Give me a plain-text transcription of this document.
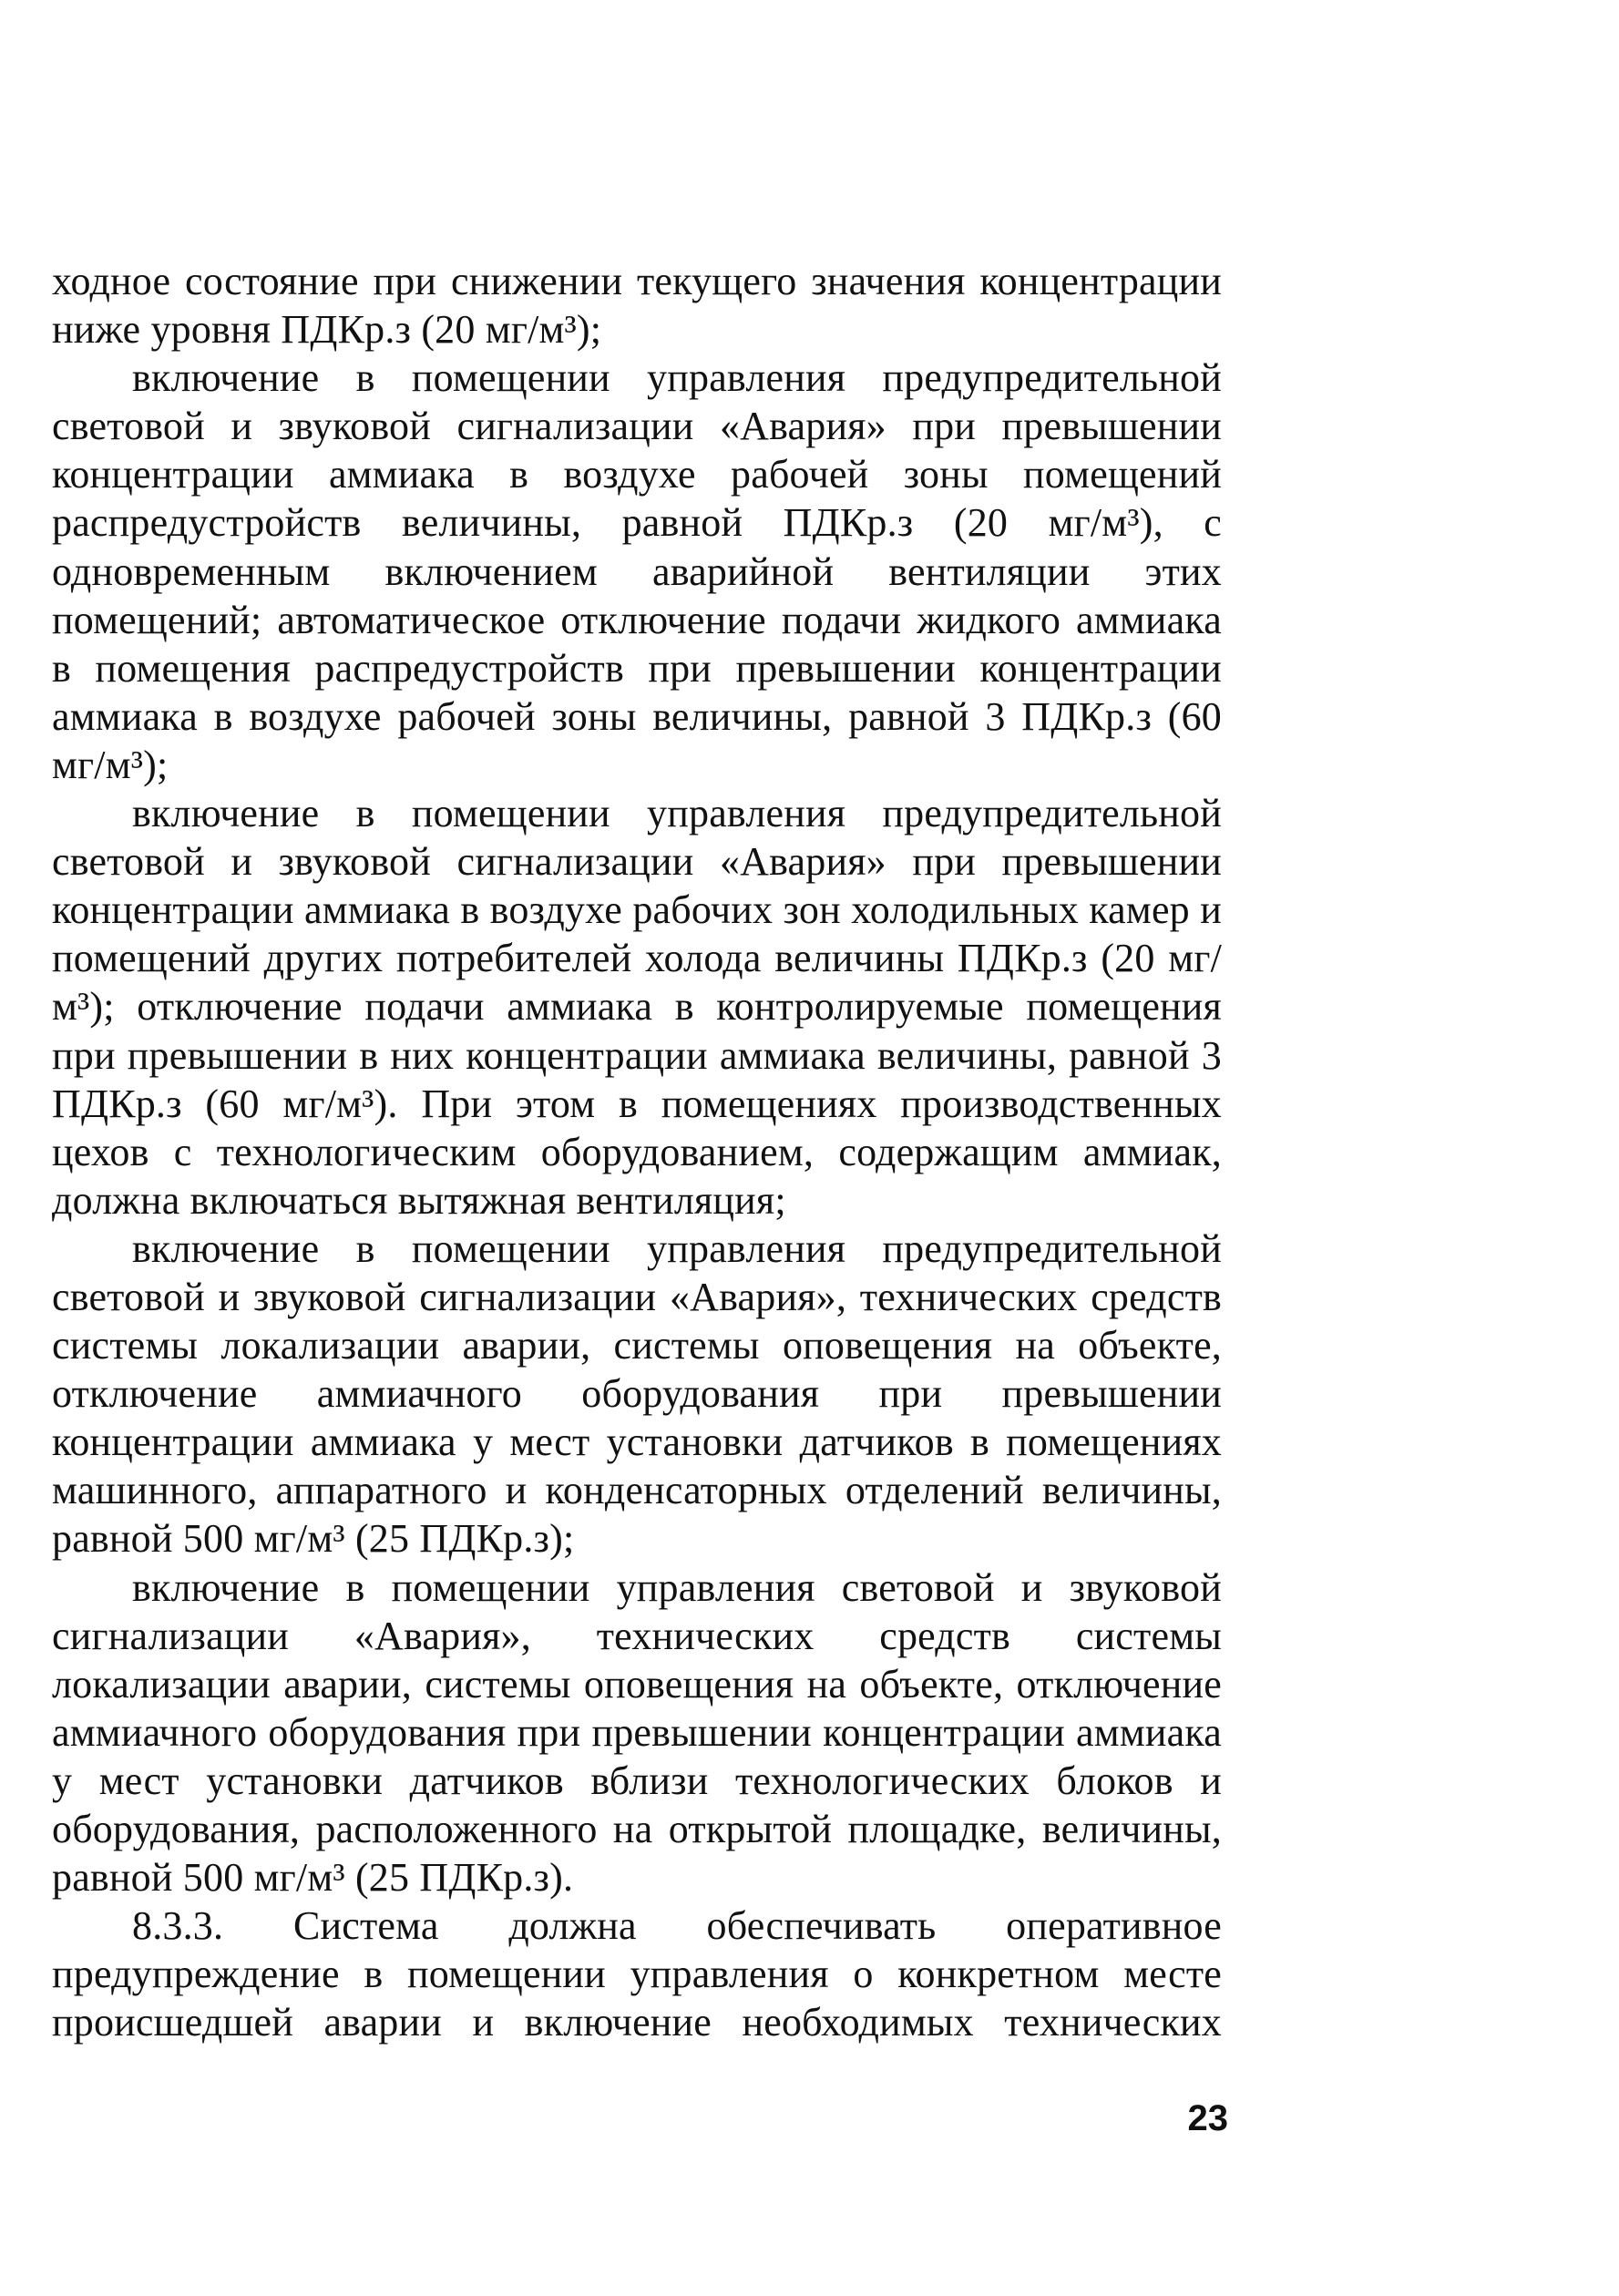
ходное состояние при снижении текущего значения концентрации ниже уровня ПДКр.з (20 мг/м³);

включение в помещении управления предупредительной световой и звуковой сигнализации «Авария» при превышении концентрации аммиака в воздухе рабочей зоны помещений распредустройств величины, равной ПДКр.з (20 мг/м³), с одновременным включением аварийной вентиляции этих помещений; автоматическое отключение подачи жидкого аммиака в помещения распредустройств при превышении концентрации аммиака в воздухе рабочей зоны величины, равной 3 ПДКр.з (60 мг/м³);

включение в помещении управления предупредительной световой и звуковой сигнализации «Авария» при превышении концентрации аммиака в воздухе рабочих зон холодильных камер и помещений других потребителей холода величины ПДКр.з (20 мг/м³); отключение подачи аммиака в контролируемые помещения при превышении в них концентрации аммиака величины, равной 3 ПДКр.з (60 мг/м³). При этом в помещениях производственных цехов с технологическим оборудованием, содержащим аммиак, должна включаться вытяжная вентиляция;

включение в помещении управления предупредительной световой и звуковой сигнализации «Авария», технических средств системы локализации аварии, системы оповещения на объекте, отключение аммиачного оборудования при превышении концентрации аммиака у мест установки датчиков в помещениях машинного, аппаратного и конденсаторных отделений величины, равной 500 мг/м³ (25 ПДКр.з);

включение в помещении управления световой и звуковой сигнализации «Авария», технических средств системы локализации аварии, системы оповещения на объекте, отключение аммиачного оборудования при превышении концентрации аммиака у мест установки датчиков вблизи технологических блоков и оборудования, расположенного на открытой площадке, величины, равной 500 мг/м³ (25 ПДКр.з).

8.3.3. Система должна обеспечивать оперативное предупреждение в помещении управления о конкретном месте происшедшей аварии и включение необходимых технических

23
